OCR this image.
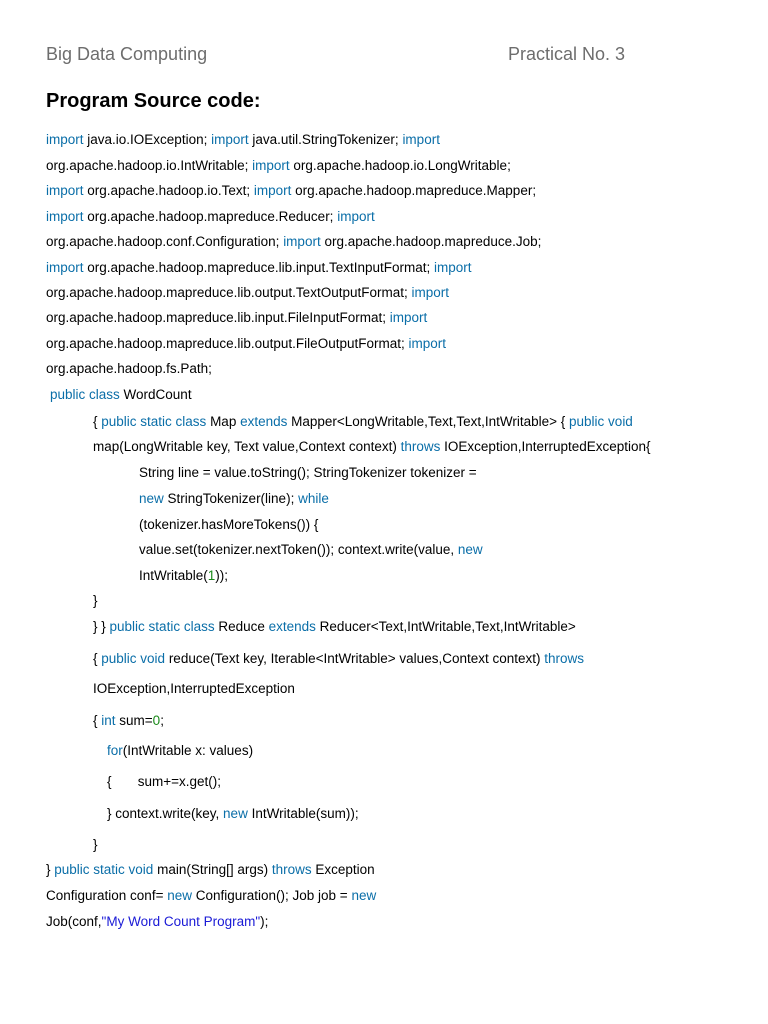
Big Data Computing	Practical No. 3
Program Source code:
import java.io.IOException; import java.util.StringTokenizer; import
org.apache.hadoop.io.IntWritable; import org.apache.hadoop.io.LongWritable;
import org.apache.hadoop.io.Text; import org.apache.hadoop.mapreduce.Mapper;
import org.apache.hadoop.mapreduce.Reducer; import
org.apache.hadoop.conf.Configuration; import org.apache.hadoop.mapreduce.Job;
import org.apache.hadoop.mapreduce.lib.input.TextInputFormat; import
org.apache.hadoop.mapreduce.lib.output.TextOutputFormat; import
org.apache.hadoop.mapreduce.lib.input.FileInputFormat; import
org.apache.hadoop.mapreduce.lib.output.FileOutputFormat; import
org.apache.hadoop.fs.Path;
public class WordCount
{ public static class Map extends Mapper<LongWritable,Text,Text,IntWritable> { public void
map(LongWritable key, Text value,Context context) throws IOException,InterruptedException{
String line = value.toString(); StringTokenizer tokenizer =
new StringTokenizer(line); while
(tokenizer.hasMoreTokens()) {
value.set(tokenizer.nextToken()); context.write(value, new
IntWritable(1));
}
} } public static class Reduce extends Reducer<Text,IntWritable,Text,IntWritable>
{ public void reduce(Text key, Iterable<IntWritable> values,Context context) throws
IOException,InterruptedException
{ int sum=0;
for(IntWritable x: values)
{       sum+=x.get();
} context.write(key, new IntWritable(sum));
}
} public static void main(String[] args) throws Exception
Configuration conf= new Configuration(); Job job = new
Job(conf,"My Word Count Program");
